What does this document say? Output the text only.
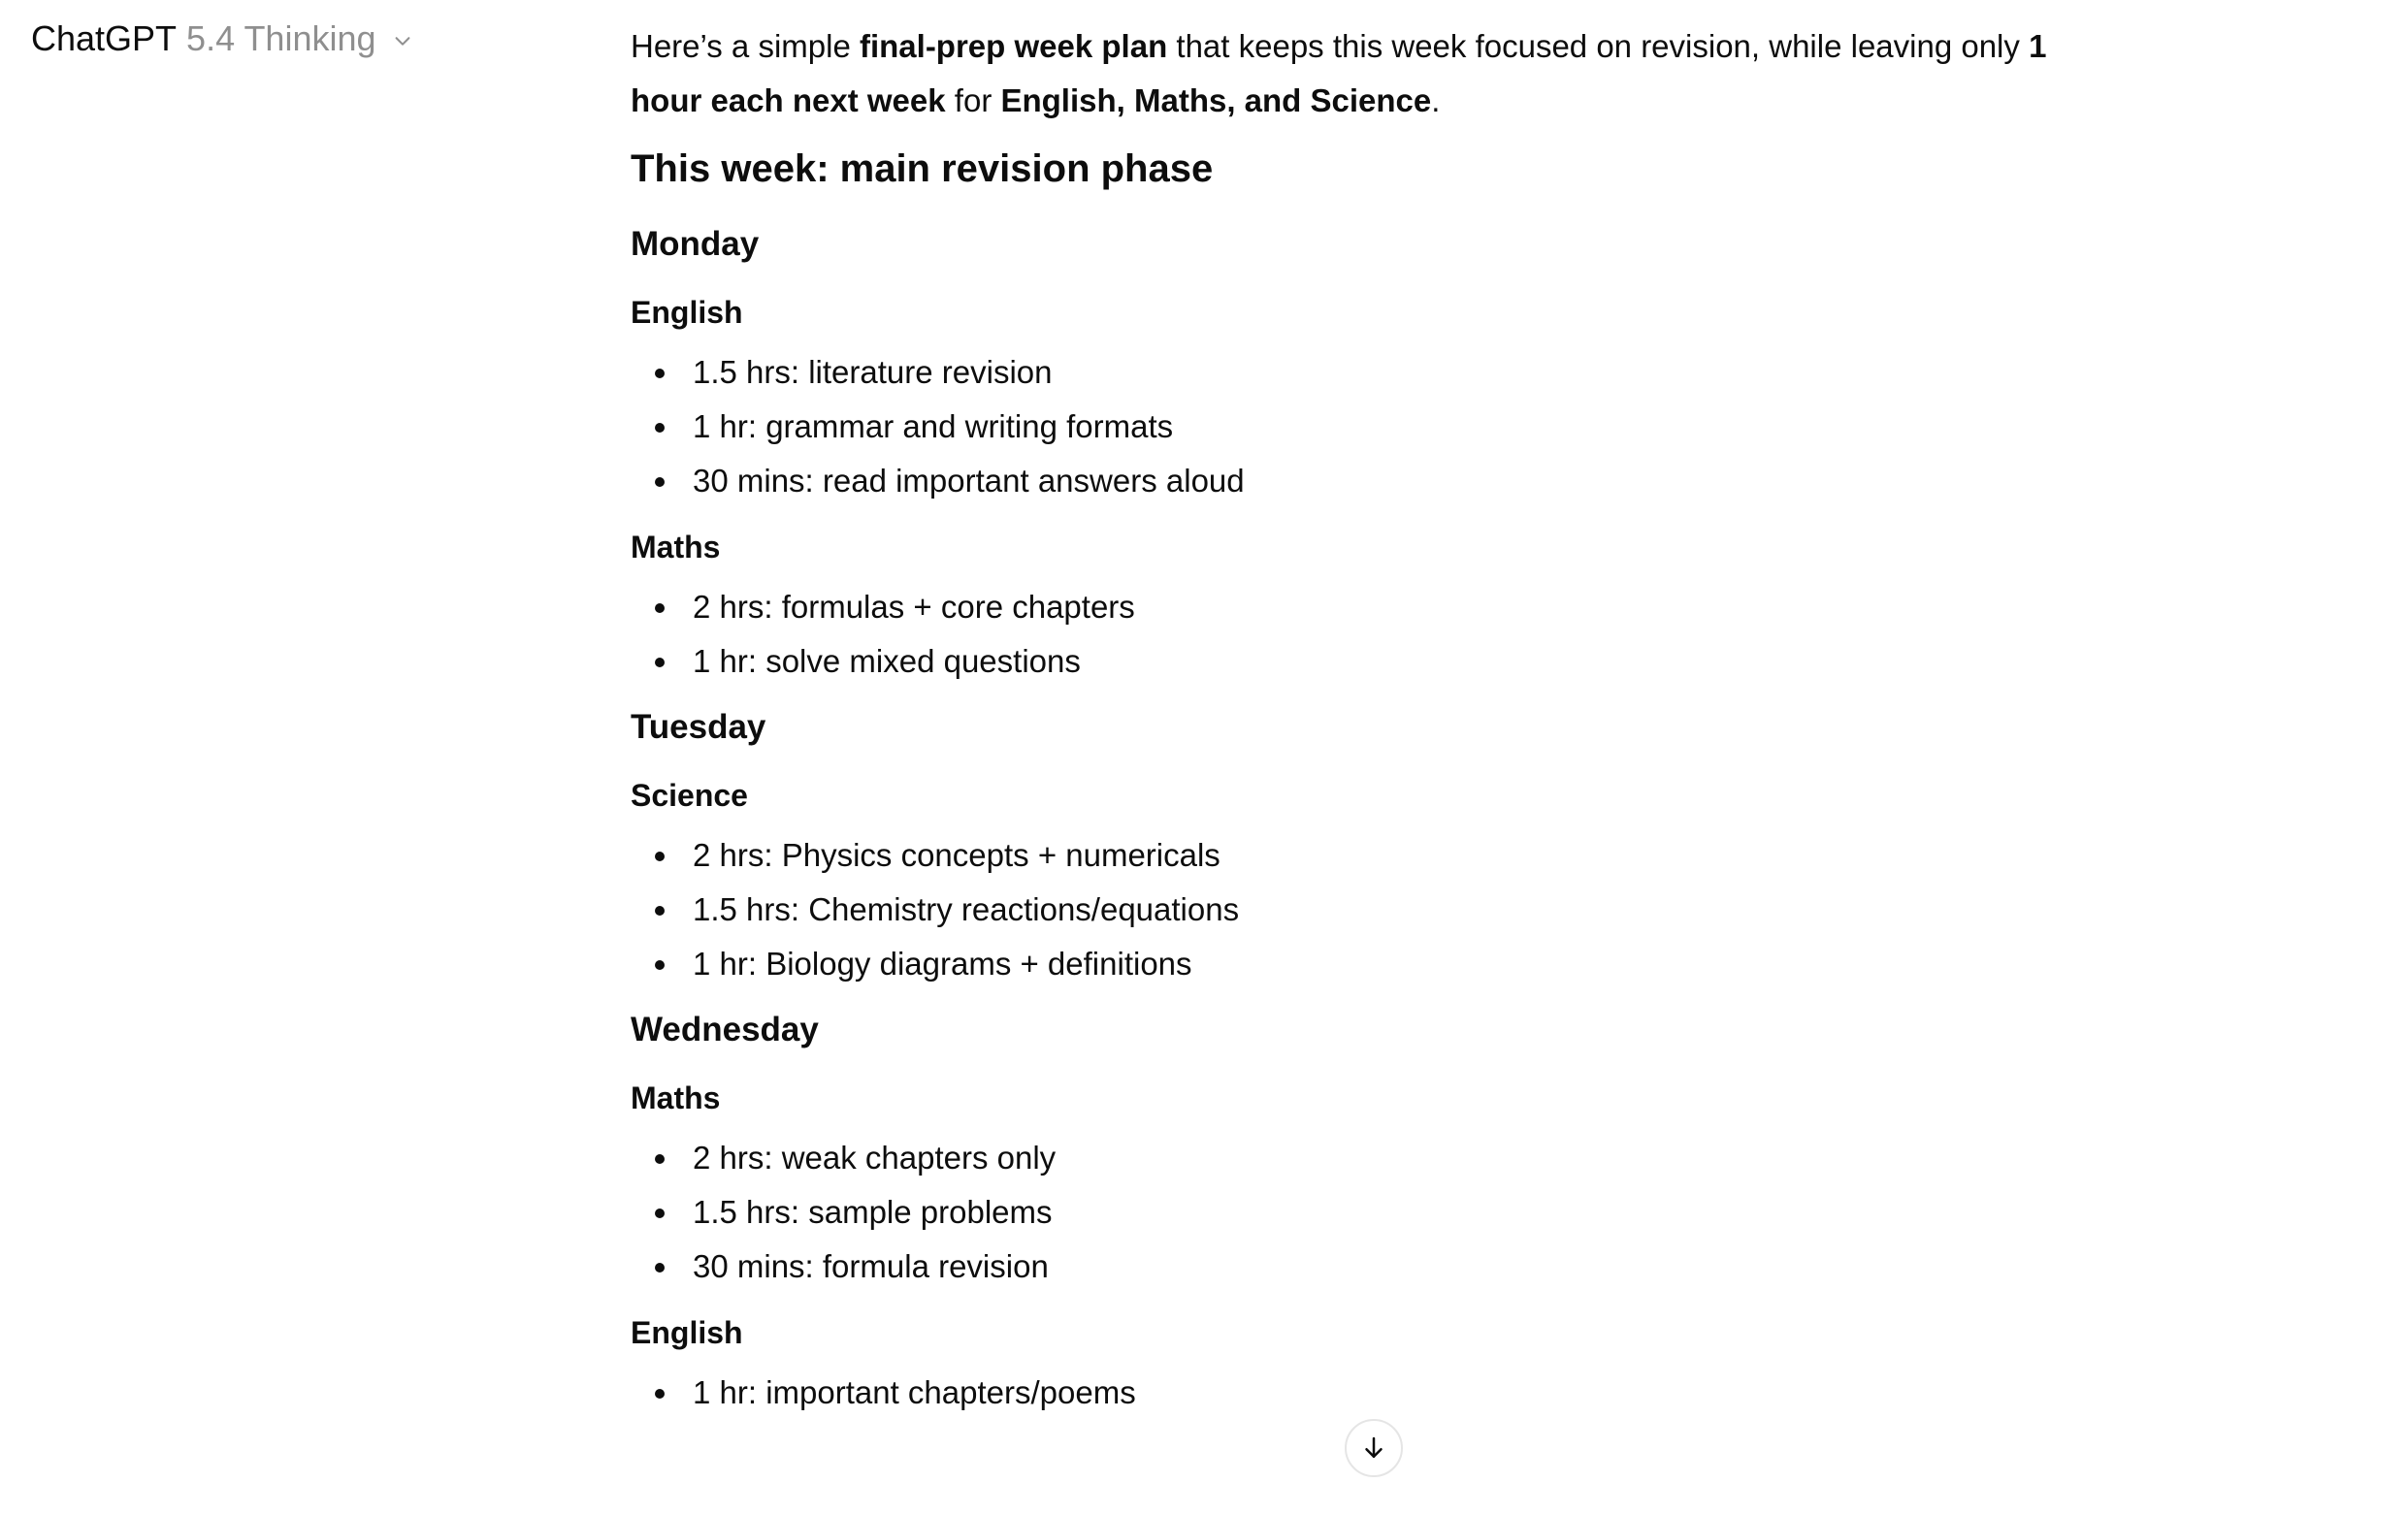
ChatGPT 5.4 Thinking	Here’s a simple final-prep week plan that keeps this week focused on revision, while leaving only 1 hour each next week for English, Maths, and Science.

This week: main revision phase
Monday
English
1.5 hrs: literature revision
1 hr: grammar and writing formats
30 mins: read important answers aloud
Maths
2 hrs: formulas + core chapters
1 hr: solve mixed questions
Tuesday
Science
2 hrs: Physics concepts + numericals
1.5 hrs: Chemistry reactions/equations
1 hr: Biology diagrams + definitions
Wednesday
Maths
2 hrs: weak chapters only
1.5 hrs: sample problems
30 mins: formula revision
English
1 hr: important chapters/poems
